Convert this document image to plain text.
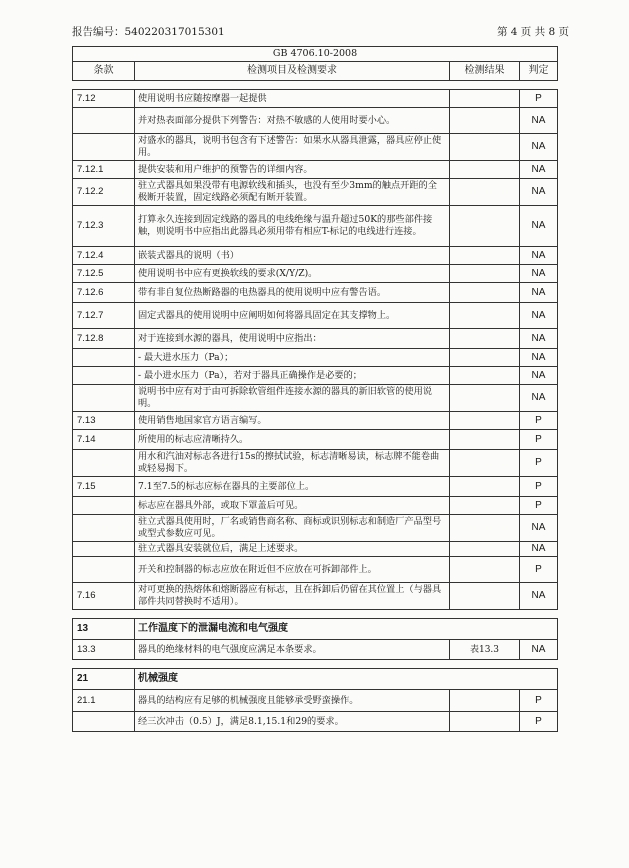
报告编号：540220317015301	第 4 页 共 8 页
GB 4706.10-2008			
条款	检测项目及检测要求	检测结果	判定

7.12	使用说明书应随按摩器一起提供		P
	并对热表面部分提供下列警告：对热不敏感的人使用时要小心。		NA
	对盛水的器具，说明书包含有下述警告：如果水从器具泄露，器具应停止使用。		NA
7.12.1	提供安装和用户维护的预警告的详细内容。		NA
7.12.2	驻立式器具如果没带有电源软线和插头，也没有至少3mm的触点开距的全极断开装置，固定线路必须配有断开装置。		NA
7.12.3	打算永久连接到固定线路的器具的电线绝缘与温升超过50K的那些部件接触，则说明书中应指出此器具必须用带有相应T-标记的电线进行连接。		NA
7.12.4	嵌装式器具的说明（书）		NA
7.12.5	使用说明书中应有更换软线的要求(X/Y/Z)。		NA
7.12.6	带有非自复位热断路器的电热器具的使用说明中应有警告语。		NA
7.12.7	固定式器具的使用说明中应阐明如何将器具固定在其支撑物上。		NA
7.12.8	对于连接到水源的器具，使用说明中应指出：		NA
	- 最大进水压力（Pa）；		NA
	- 最小进水压力（Pa），若对于器具正确操作是必要的；		NA
	说明书中应有对于由可拆除软管组件连接水源的器具的新旧软管的使用说明。		NA
7.13	使用销售地国家官方语言编写。		P
7.14	所使用的标志应清晰持久。		P
	用水和汽油对标志各进行15s的擦拭试验，标志清晰易读，标志牌不能卷曲或轻易揭下。		P
7.15	7.1至7.5的标志应标在器具的主要部位上。		P
	标志应在器具外部，或取下罩盖后可见。		P
	驻立式器具使用时，厂名或销售商名称、商标或识别标志和制造厂产品型号或型式参数应可见。		NA
	驻立式器具安装就位后，满足上述要求。		NA
	开关和控制器的标志应放在附近但不应放在可拆卸部件上。		P
7.16	对可更换的热熔体和熔断器应有标志，且在拆卸后仍留在其位置上（与器具部件共同替换时不适用）。		NA

13	工作温度下的泄漏电流和电气强度		
13.3	器具的绝缘材料的电气强度应满足本条要求。	表13.3	NA

21	机械强度		
21.1	器具的结构应有足够的机械强度且能够承受野蛮操作。		P
	经三次冲击（0.5）J，满足8.1,15.1和29的要求。		P
